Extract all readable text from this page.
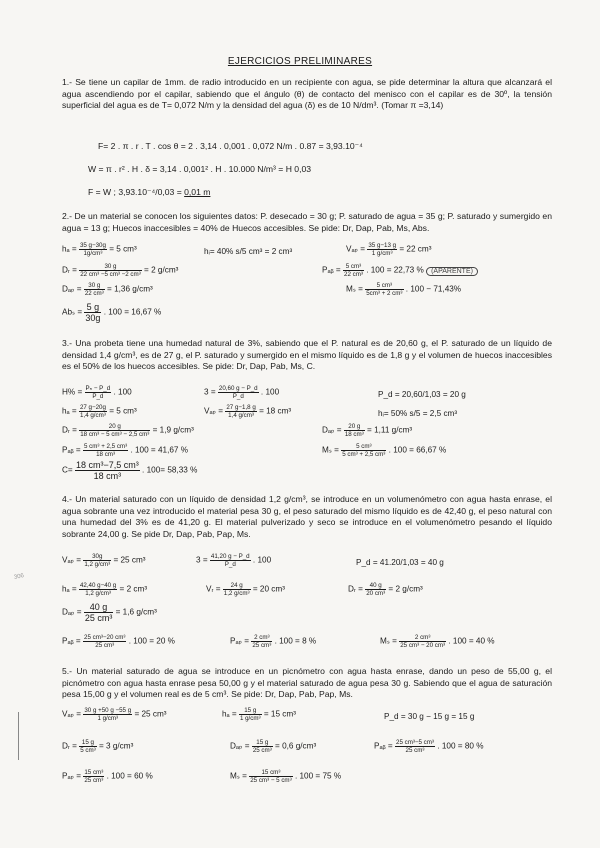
EJERCICIOS PRELIMINARES
306
1.- Se tiene un capilar de 1mm. de radio introducido en un recipiente con agua, se pide determinar la altura que alcanzará el agua ascendiendo por el capilar, sabiendo que el ángulo (θ) de contacto del menisco con el capilar es de 30º, la tensión superficial del agua es de T= 0,072 N/m y la densidad del agua (δ) es de 10 N/dm³. (Tomar π =3,14)
F= 2 . π . r . T . cos θ = 2 . 3,14 . 0,001 . 0,072 N/m . 0.87 = 3,93.10⁻⁴
W = π . r² . H . δ = 3,14 . 0,001² . H . 10.000 N/m³ = H 0,03
F = W ; 3,93.10⁻⁴/0,03 = 0,01 m
2.- De un material se conocen los siguientes datos: P. desecado = 30 g; P. saturado de agua = 35 g; P. saturado y sumergido en agua = 13 g; Huecos inaccesibles = 40% de Huecos accesibles. Se pide: Dr, Dap, Pab, Ms, Abs.
$h_a = \frac{35 g-30g}{\text{1g/cm³}} = 5$ cm³	hᵢ= 40% s/5 cm³ = 2 cm³	$V_{ap} = \frac{35 g-13 g}{\text{1 g/cm³}} = 22$ cm³
Dᵣ = $\frac{30 g}{\text{22 cm³ −5 cm³ −2 cm³}} = 2$ g/cm³	Pₐᵦ = $\frac{\text{5 cm³}}{\text{22 cm³}}$ . 100 = 22,73 % (APARENTE)
$D_{ap} = \frac{30 g}{\text{22 cm³}} = 1,36$ g/cm³	$M_s = \frac{\text{5 cm³}}{\text{5cm³ + 2 cm³}}$ . 100 − 71,43%
$Ab_s = \frac{5 g}{30g}$ . 100 = 16,67 %
3.- Una probeta tiene una humedad natural de 3%, sabiendo que el P. natural es de 20,60 g, el P. saturado de un líquido de densidad 1,4 g/cm³, es de 27 g, el P. saturado y sumergido en el mismo líquido es de 1,8 g y el volumen de huecos inaccesibles es el 50% de los huecos accesibles. Se pide: Dr, Dap, Pab, Ms, C.
$H\% = \frac{\text{Pₙ − P\_d}}{P\_d}$ . 100	$3 = \frac{20,60 g - P\_d}{P\_d}$ . 100	P_d = 20,60/1,03 = 20 g
$h_a = \frac{27 g-20g}{\text{1,4 g/cm³}} = 5$ cm³	$V_{ap} = \frac{27 g-1,8 g}{\text{1,4 g/cm³}} = 18$ cm³	hᵢ= 50% s/5 = 2,5 cm³
Dᵣ = $\frac{20 g}{\text{18 cm³ − 5 cm³ − 2,5 cm³}} = 1,9$ g/cm³	$D_{ap} = \frac{20 g}{\text{18 cm³}} = 1,11$ g/cm³
Pₐᵦ = $\frac{\text{5 cm³ + 2,5 cm³}}{\text{18 cm³}}$ . 100 = 41,67 %	$M_s = \frac{\text{5 cm³}}{\text{5 cm³ + 2,5 cm³}}$ . 100 = 66,67 %
$C= \frac{\text{18 cm³−7,5 cm³}}{\text{18 cm³}}$ . 100= 58,33 %
4.- Un material saturado con un líquido de densidad 1,2 g/cm³, se introduce en un volumenómetro con agua hasta enrase, el agua sobrante una vez introducido el material pesa 30 g, el peso saturado del mismo líquido es de 42,40 g, el peso natural con una humedad del 3% es de 41,20 g. El material pulverizado y seco se introduce en el volumenómetro pesando el líquido sobrante 24,00 g. Se pide Dr, Dap, Pab, Pap, Ms.
$V_{ap} = \frac{30g}{\text{1,2 g/cm³}} = 25$ cm³	$3 = \frac{41,20 g - P\_d}{P\_d}$ . 100	P_d = 41.20/1,03 = 40 g
$h_a = \frac{42,40 g-40 g}{\text{1,2 g/cm³}} = 2$ cm³	Vᵣ = $\frac{24 g}{\text{1,2 g/cm³}} = 20$ cm³	Dᵣ = $\frac{40 g}{\text{20 cm³}} = 2$ g/cm³
$D_{ap} = \frac{40 g}{\text{25 cm³}} = 1,6$ g/cm³
Pₐᵦ = $\frac{\text{25 cm³−20 cm³}}{\text{25 cm³}}$ . 100 = 20 %	$P_{ap} = \frac{\text{2 cm³}}{\text{25 cm³}}$ . 100 = 8 %	$M_s = \frac{\text{2 cm³}}{\text{25 cm³ − 20 cm³}}$ . 100 = 40 %
5.- Un material saturado de agua se introduce en un picnómetro con agua hasta enrase, dando un peso de 55,00 g, el picnómetro con agua hasta enrase pesa 50,00 g y el material saturado de agua pesa 30 g. Sabiendo que el agua de saturación pesa 15,00 g y el volumen real es de 5 cm³. Se pide: Dr, Dap, Pab, Pap, Ms.
$V_{ap} = \frac{30 g +50 g -55 g}{\text{1 g/cm³}} = 25$ cm³	$h_a = \frac{15 g}{\text{1 g/cm³}} = 15$ cm³	P_d = 30 g − 15 g = 15 g
Dᵣ = $\frac{15 g}{\text{5 cm³}} = 3$ g/cm³	$D_{ap} = \frac{15 g}{\text{25 cm³}} = 0,6$ g/cm³	Pₐᵦ = $\frac{\text{25 cm³−5 cm³}}{\text{25 cm³}}$ . 100 = 80 %
$P_{ap} = \frac{\text{15 cm³}}{\text{25 cm³}}$ . 100 = 60 %	$M_s = \frac{\text{15 cm³}}{\text{25 cm³ − 5 cm³}}$ . 100 = 75 %
